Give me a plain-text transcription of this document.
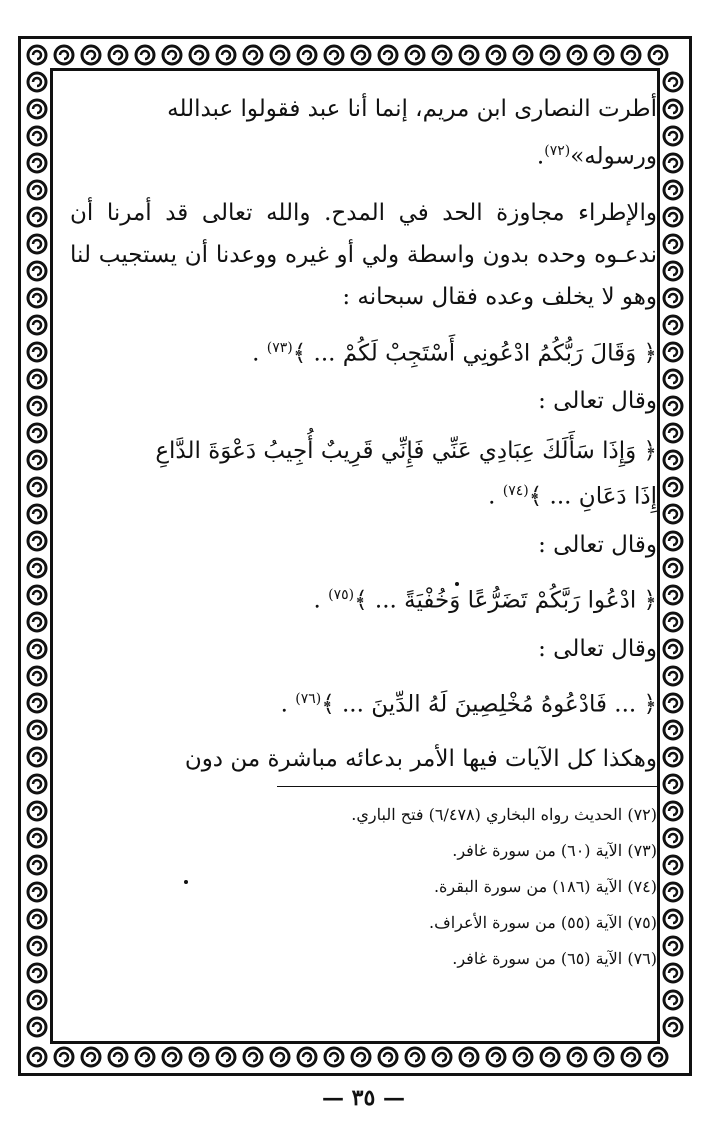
أطرت النصارى ابن مريم، إنما أنا عبد فقولوا عبدالله
ورسوله»$^{(٧٢)}$.

والإطراء مجاوزة الحد في المدح. والله تعالى قد أمرنا أن ندعـوه وحده بدون واسطة ولي أو غيره ووعدنا أن يستجيب لنا وهو لا يخلف وعده فقال سبحانه :

﴿ وَقَالَ رَبُّكُمُ ادْعُونِي أَسْتَجِبْ لَكُمْ ... ﴾$^{(٧٣)}$ .

وقال تعالى :

﴿ وَإِذَا سَأَلَكَ عِبَادِي عَنِّي فَإِنِّي قَرِيبٌ أُجِيبُ دَعْوَةَ الدَّاعِ
إِذَا دَعَانِ ... ﴾$^{(٧٤)}$ .

وقال تعالى :

﴿ ادْعُوا رَبَّكُمْ تَضَرُّعًا وَخُفْيَةً ... ﴾$^{(٧٥)}$ .

وقال تعالى :

﴿ ... فَادْعُوهُ مُخْلِصِينَ لَهُ الدِّينَ ... ﴾$^{(٧٦)}$ .

وهكذا كل الآيات فيها الأمر بدعائه مباشرة من دون

(٧٢) الحديث رواه البخاري (٦/٤٧٨) فتح الباري.

(٧٣) الآية (٦٠) من سورة غافر.

(٧٤) الآية (١٨٦) من سورة البقرة.

(٧٥) الآية (٥٥) من سورة الأعراف.

(٧٦) الآية (٦٥) من سورة غافر.

— ٣٥ —
